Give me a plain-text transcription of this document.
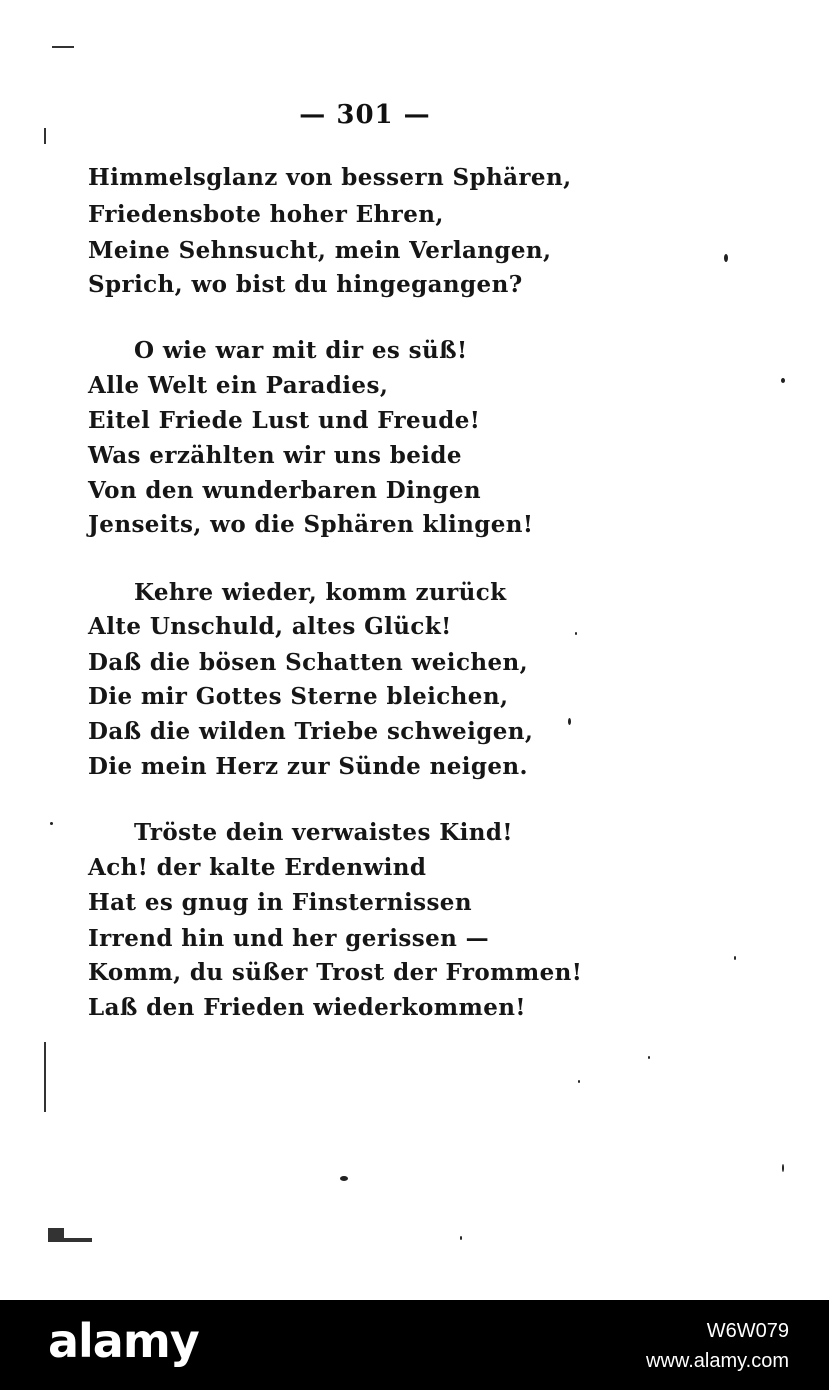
— 301 —
Himmelsglanz von bessern Sphären,
Friedensbote hoher Ehren,
Meine Sehnsucht, mein Verlangen,
Sprich, wo bist du hingegangen?
O wie war mit dir es süß!
Alle Welt ein Paradies,
Eitel Friede Lust und Freude!
Was erzählten wir uns beide
Von den wunderbaren Dingen
Jenseits, wo die Sphären klingen!
Kehre wieder, komm zurück
Alte Unschuld, altes Glück!
Daß die bösen Schatten weichen,
Die mir Gottes Sterne bleichen,
Daß die wilden Triebe schweigen,
Die mein Herz zur Sünde neigen.
Tröste dein verwaistes Kind!
Ach! der kalte Erdenwind
Hat es gnug in Finsternissen
Irrend hin und her gerissen —
Komm, du süßer Trost der Frommen!
Laß den Frieden wiederkommen!
alamy	W6W079
www.alamy.com
